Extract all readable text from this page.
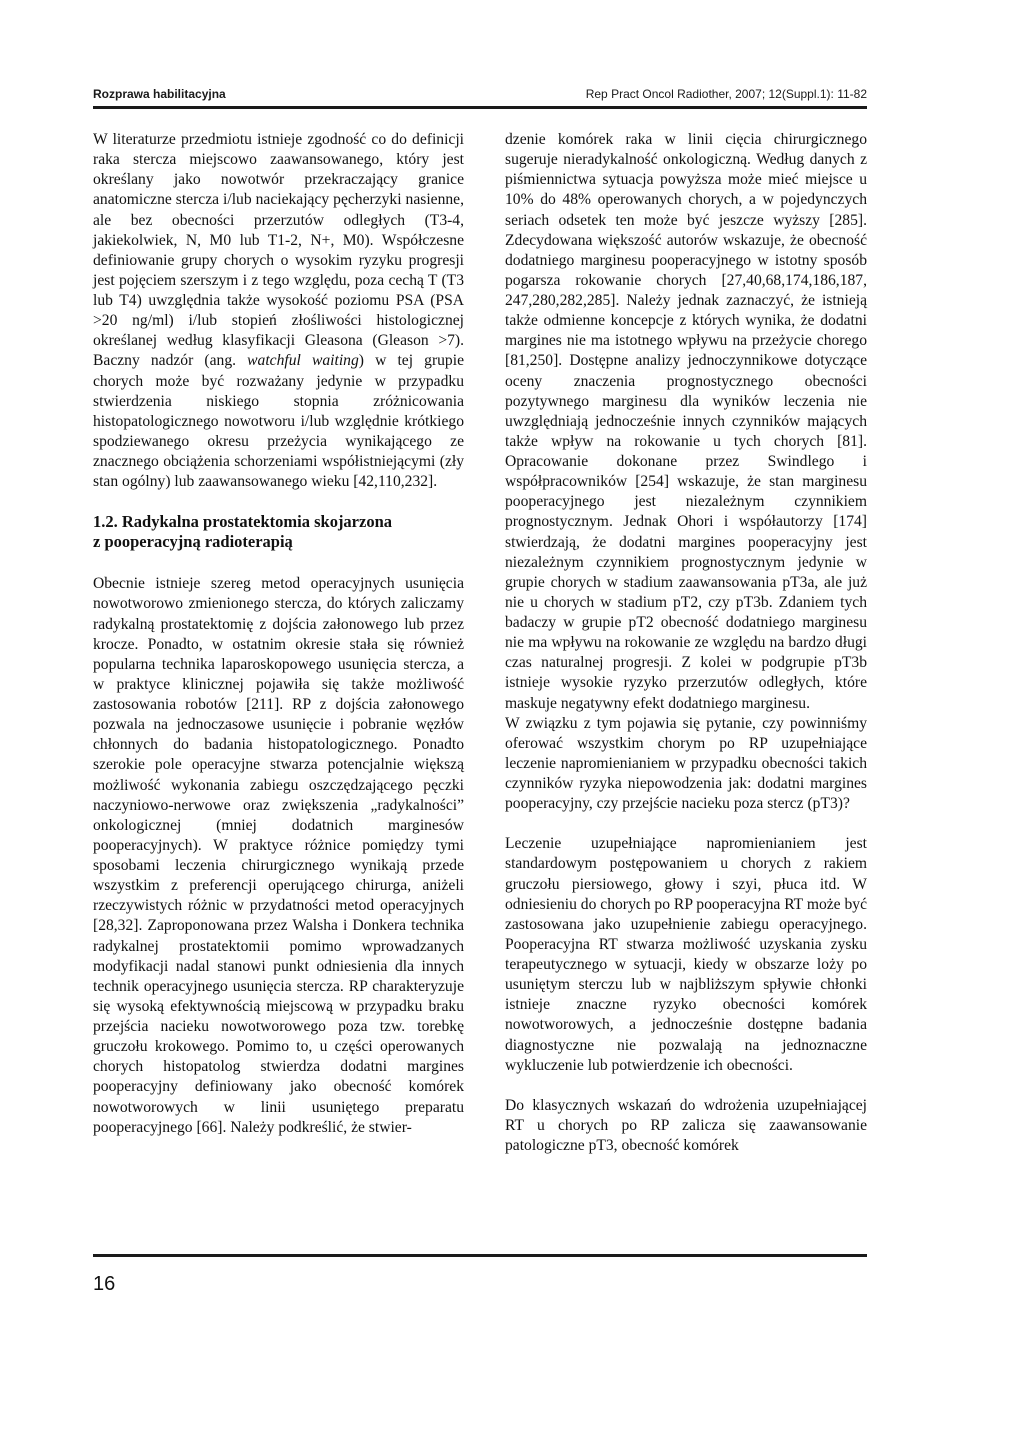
Rozprawa habilitacyjna	Rep Pract Oncol Radiother, 2007; 12(Suppl.1): 11-82

W literaturze przedmiotu istnieje zgodność co do definicji raka stercza miejscowo zaawansowanego, który jest określany jako nowotwór przekraczający granice anatomiczne stercza i/lub naciekający pęcherzyki nasienne, ale bez obecności przerzutów odległych (T3-4, jakiekolwiek, N, M0 lub T1-2, N+, M0). Współczesne definiowanie grupy chorych o wysokim ryzyku progresji jest pojęciem szerszym i z tego względu, poza cechą T (T3 lub T4) uwzględnia także wysokość poziomu PSA (PSA >20 ng/ml) i/lub stopień złośliwości histologicznej określanej według klasyfikacji Gleasona (Gleason >7). Baczny nadzór (ang. watchful waiting) w tej grupie chorych może być rozważany jedynie w przypadku stwierdzenia niskiego stopnia zróżnicowania histopatologicznego nowotworu i/lub względnie krótkiego spodziewanego okresu przeżycia wynikającego ze znacznego obciążenia schorzeniami współistniejącymi (zły stan ogólny) lub zaawansowanego wieku [42,110,232].

1.2. Radykalna prostatektomia skojarzona
z pooperacyjną radioterapią

Obecnie istnieje szereg metod operacyjnych usunięcia nowotworowo zmienionego stercza, do których zaliczamy radykalną prostatektomię z dojścia załonowego lub przez krocze. Ponadto, w ostatnim okresie stała się również popularna technika laparoskopowego usunięcia stercza, a w praktyce klinicznej pojawiła się także możliwość zastosowania robotów [211]. RP z dojścia załonowego pozwala na jednoczasowe usunięcie i pobranie węzłów chłonnych do badania histopatologicznego. Ponadto szerokie pole operacyjne stwarza potencjalnie większą możliwość wykonania zabiegu oszczędzającego pęczki naczyniowo-nerwowe oraz zwiększenia „radykalności” onkologicznej (mniej dodatnich marginesów pooperacyjnych). W praktyce różnice pomiędzy tymi sposobami leczenia chirurgicznego wynikają przede wszystkim z preferencji operującego chirurga, aniżeli rzeczywistych różnic w przydatności metod operacyjnych [28,32]. Zaproponowana przez Walsha i Donkera technika radykalnej prostatektomii pomimo wprowadzanych modyfikacji nadal stanowi punkt odniesienia dla innych technik operacyjnego usunięcia stercza. RP charakteryzuje się wysoką efektywnością miejscową w przypadku braku przejścia nacieku nowotworowego poza tzw. torebkę gruczołu krokowego. Pomimo to, u części operowanych chorych histopatolog stwierdza dodatni margines pooperacyjny definiowany jako obecność komórek nowotworowych w linii usuniętego preparatu pooperacyjnego [66]. Należy podkreślić, że stwier-

dzenie komórek raka w linii cięcia chirurgicznego sugeruje nieradykalność onkologiczną. Według danych z piśmiennictwa sytuacja powyższa może mieć miejsce u 10% do 48% operowanych chorych, a w pojedynczych seriach odsetek ten może być jeszcze wyższy [285]. Zdecydowana większość autorów wskazuje, że obecność dodatniego marginesu pooperacyjnego w istotny sposób pogarsza rokowanie chorych [27,40,68,174,186,187, 247,280,282,285]. Należy jednak zaznaczyć, że istnieją także odmienne koncepcje z których wynika, że dodatni margines nie ma istotnego wpływu na przeżycie chorego [81,250]. Dostępne analizy jednoczynnikowe dotyczące oceny znaczenia prognostycznego obecności pozytywnego marginesu dla wyników leczenia nie uwzględniają jednocześnie innych czynników mających także wpływ na rokowanie u tych chorych [81]. Opracowanie dokonane przez Swindlego i współpracowników [254] wskazuje, że stan marginesu pooperacyjnego jest niezależnym czynnikiem prognostycznym. Jednak Ohori i współautorzy [174] stwierdzają, że dodatni margines pooperacyjny jest niezależnym czynnikiem prognostycznym jedynie w grupie chorych w stadium zaawansowania pT3a, ale już nie u chorych w stadium pT2, czy pT3b. Zdaniem tych badaczy w grupie pT2 obecność dodatniego marginesu nie ma wpływu na rokowanie ze względu na bardzo długi czas naturalnej progresji. Z kolei w podgrupie pT3b istnieje wysokie ryzyko przerzutów odległych, które maskuje negatywny efekt dodatniego marginesu.

W związku z tym pojawia się pytanie, czy powinniśmy oferować wszystkim chorym po RP uzupełniające leczenie napromienianiem w przypadku obecności takich czynników ryzyka niepowodzenia jak: dodatni margines pooperacyjny, czy przejście nacieku poza stercz (pT3)?

Leczenie uzupełniające napromienianiem jest standardowym postępowaniem u chorych z rakiem gruczołu piersiowego, głowy i szyi, płuca itd. W odniesieniu do chorych po RP pooperacyjna RT może być zastosowana jako uzupełnienie zabiegu operacyjnego. Pooperacyjna RT stwarza możliwość uzyskania zysku terapeutycznego w sytuacji, kiedy w obszarze loży po usuniętym sterczu lub w najbliższym spływie chłonki istnieje znaczne ryzyko obecności komórek nowotworowych, a jednocześnie dostępne badania diagnostyczne nie pozwalają na jednoznaczne wykluczenie lub potwierdzenie ich obecności.

Do klasycznych wskazań do wdrożenia uzupełniającej RT u chorych po RP zalicza się zaawansowanie patologiczne pT3, obecność komórek

16
